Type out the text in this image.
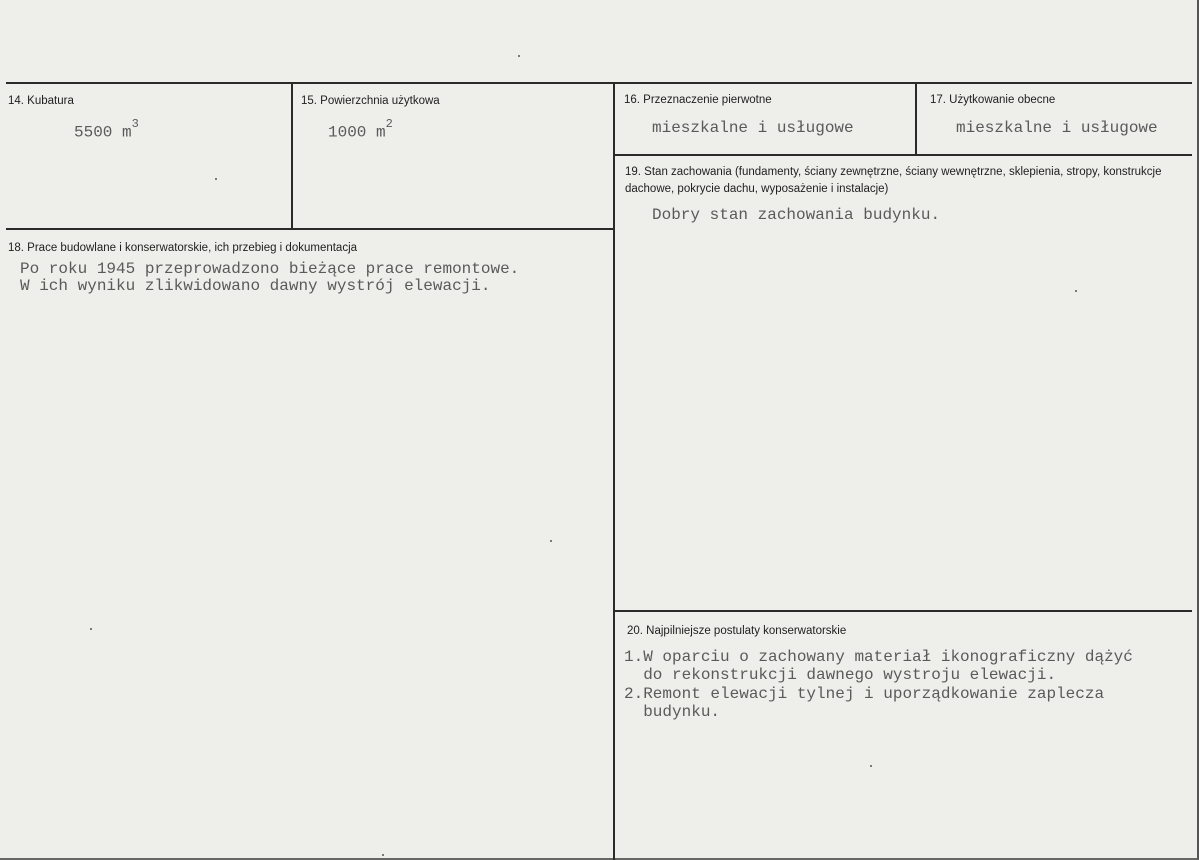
14. Kubatura
5500 $m^3$
15. Powierzchnia użytkowa
1000 $m^2$
16. Przeznaczenie pierwotne
mieszkalne i usługowe
17. Użytkowanie obecne
mieszkalne i usługowe
19. Stan zachowania (fundamenty, ściany zewnętrzne, ściany wewnętrzne, sklepienia, stropy, konstrukcje dachowe, pokrycie dachu, wyposażenie i instalacje)
Dobry stan zachowania budynku.
18. Prace budowlane i konserwatorskie, ich przebieg i dokumentacja
Po roku 1945 przeprowadzono bieżące prace remontowe.
W ich wyniku zlikwidowano dawny wystrój elewacji.
20. Najpilniejsze postulaty konserwatorskie
1.W oparciu o zachowany materiał ikonograficzny dążyć
do rekonstrukcji dawnego wystroju elewacji.
2.Remont elewacji tylnej i uporządkowanie zaplecza
budynku.
